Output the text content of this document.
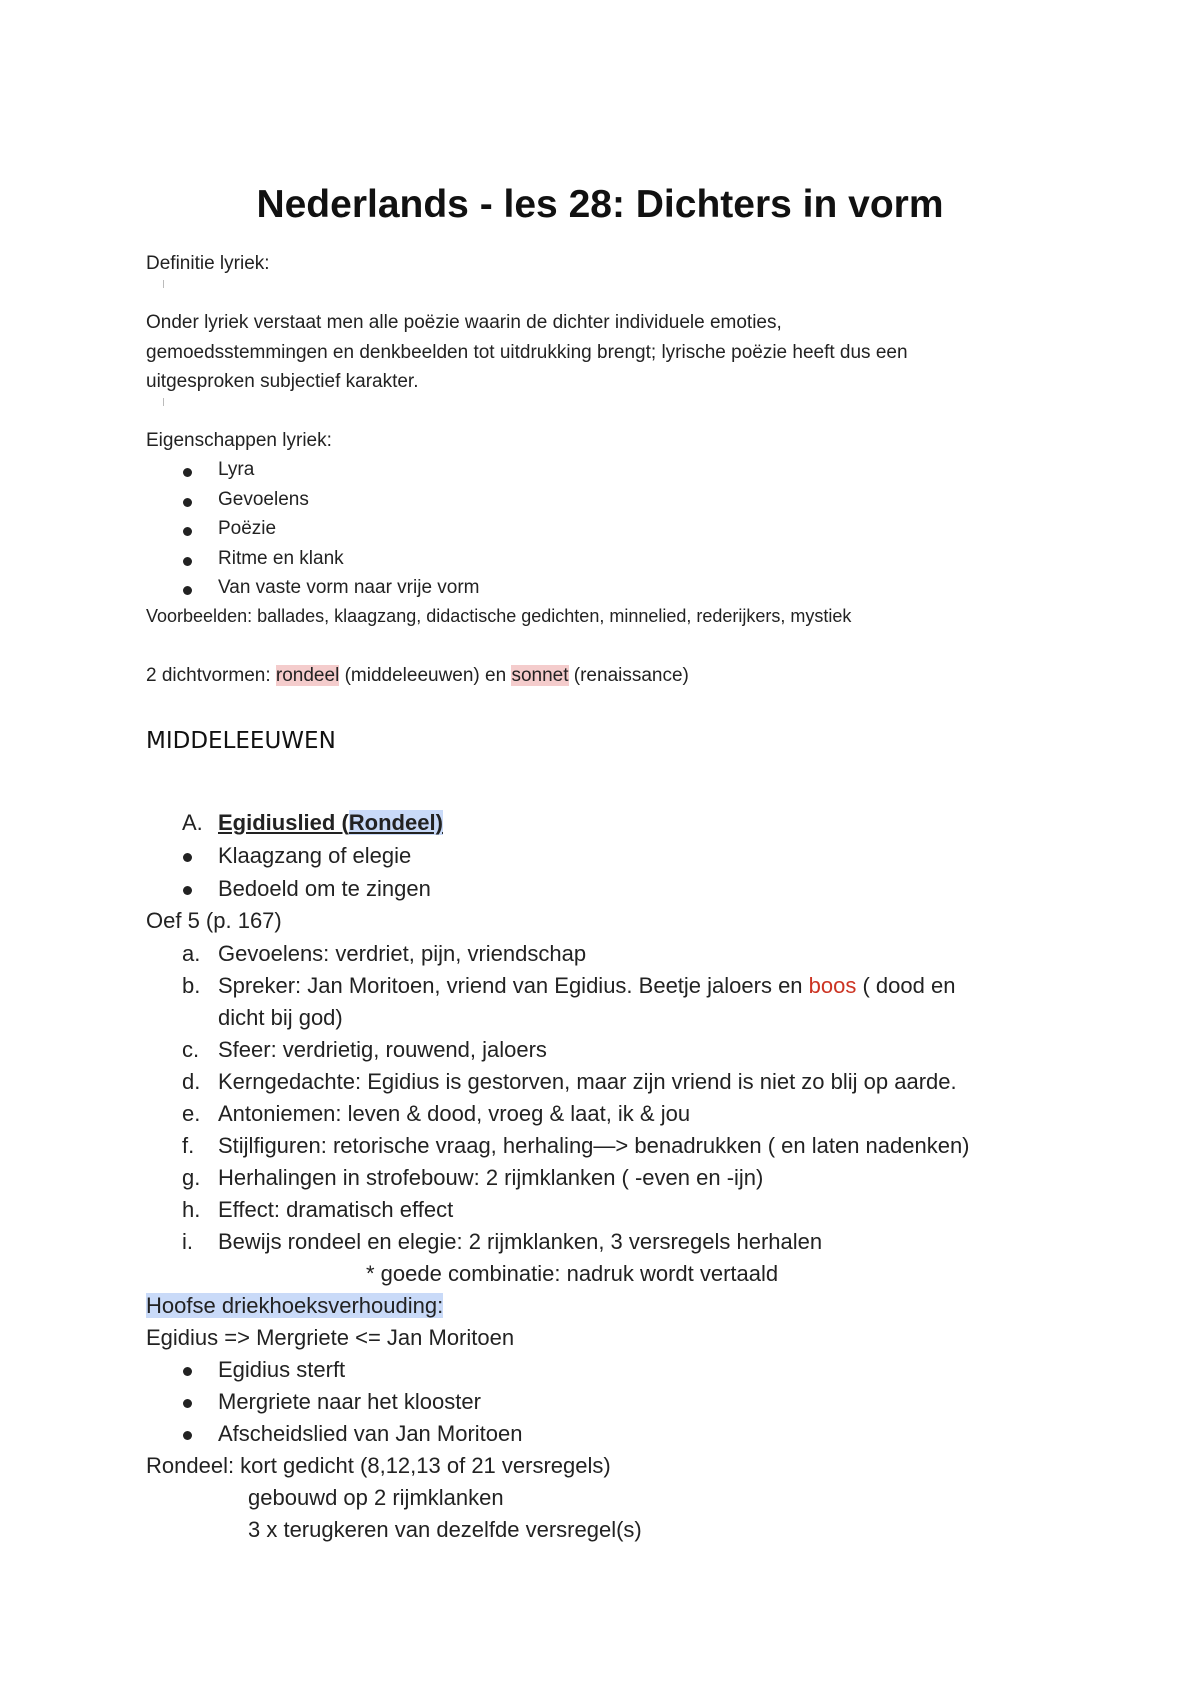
Nederlands - les 28: Dichters in vorm
Definitie lyriek:
Onder lyriek verstaat men alle poëzie waarin de dichter individuele emoties,
gemoedsstemmingen en denkbeelden tot uitdrukking brengt; lyrische poëzie heeft dus een
uitgesproken subjectief karakter.
Eigenschappen lyriek:
Lyra
Gevoelens
Poëzie
Ritme en klank
Van vaste vorm naar vrije vorm
Voorbeelden: ballades, klaagzang, didactische gedichten, minnelied, rederijkers, mystiek
2 dichtvormen: rondeel (middeleeuwen) en sonnet (renaissance)
MIDDELEEUWEN
A. Egidiuslied (Rondeel)
Klaagzang of elegie
Bedoeld om te zingen
Oef 5 (p. 167)
a. Gevoelens: verdriet, pijn, vriendschap
b. Spreker: Jan Moritoen, vriend van Egidius. Beetje jaloers en boos ( dood en
dicht bij god)
c. Sfeer: verdrietig, rouwend, jaloers
d. Kerngedachte: Egidius is gestorven, maar zijn vriend is niet zo blij op aarde.
e. Antoniemen: leven & dood, vroeg & laat, ik & jou
f. Stijlfiguren: retorische vraag, herhaling—> benadrukken ( en laten nadenken)
g. Herhalingen in strofebouw: 2 rijmklanken ( -even en -ijn)
h. Effect: dramatisch effect
i. Bewijs rondeel en elegie: 2 rijmklanken, 3 versregels herhalen
* goede combinatie: nadruk wordt vertaald
Hoofse driekhoeksverhouding:
Egidius => Mergriete <= Jan Moritoen
Egidius sterft
Mergriete naar het klooster
Afscheidslied van Jan Moritoen
Rondeel: kort gedicht (8,12,13 of 21 versregels)
gebouwd op 2 rijmklanken
3 x terugkeren van dezelfde versregel(s)
